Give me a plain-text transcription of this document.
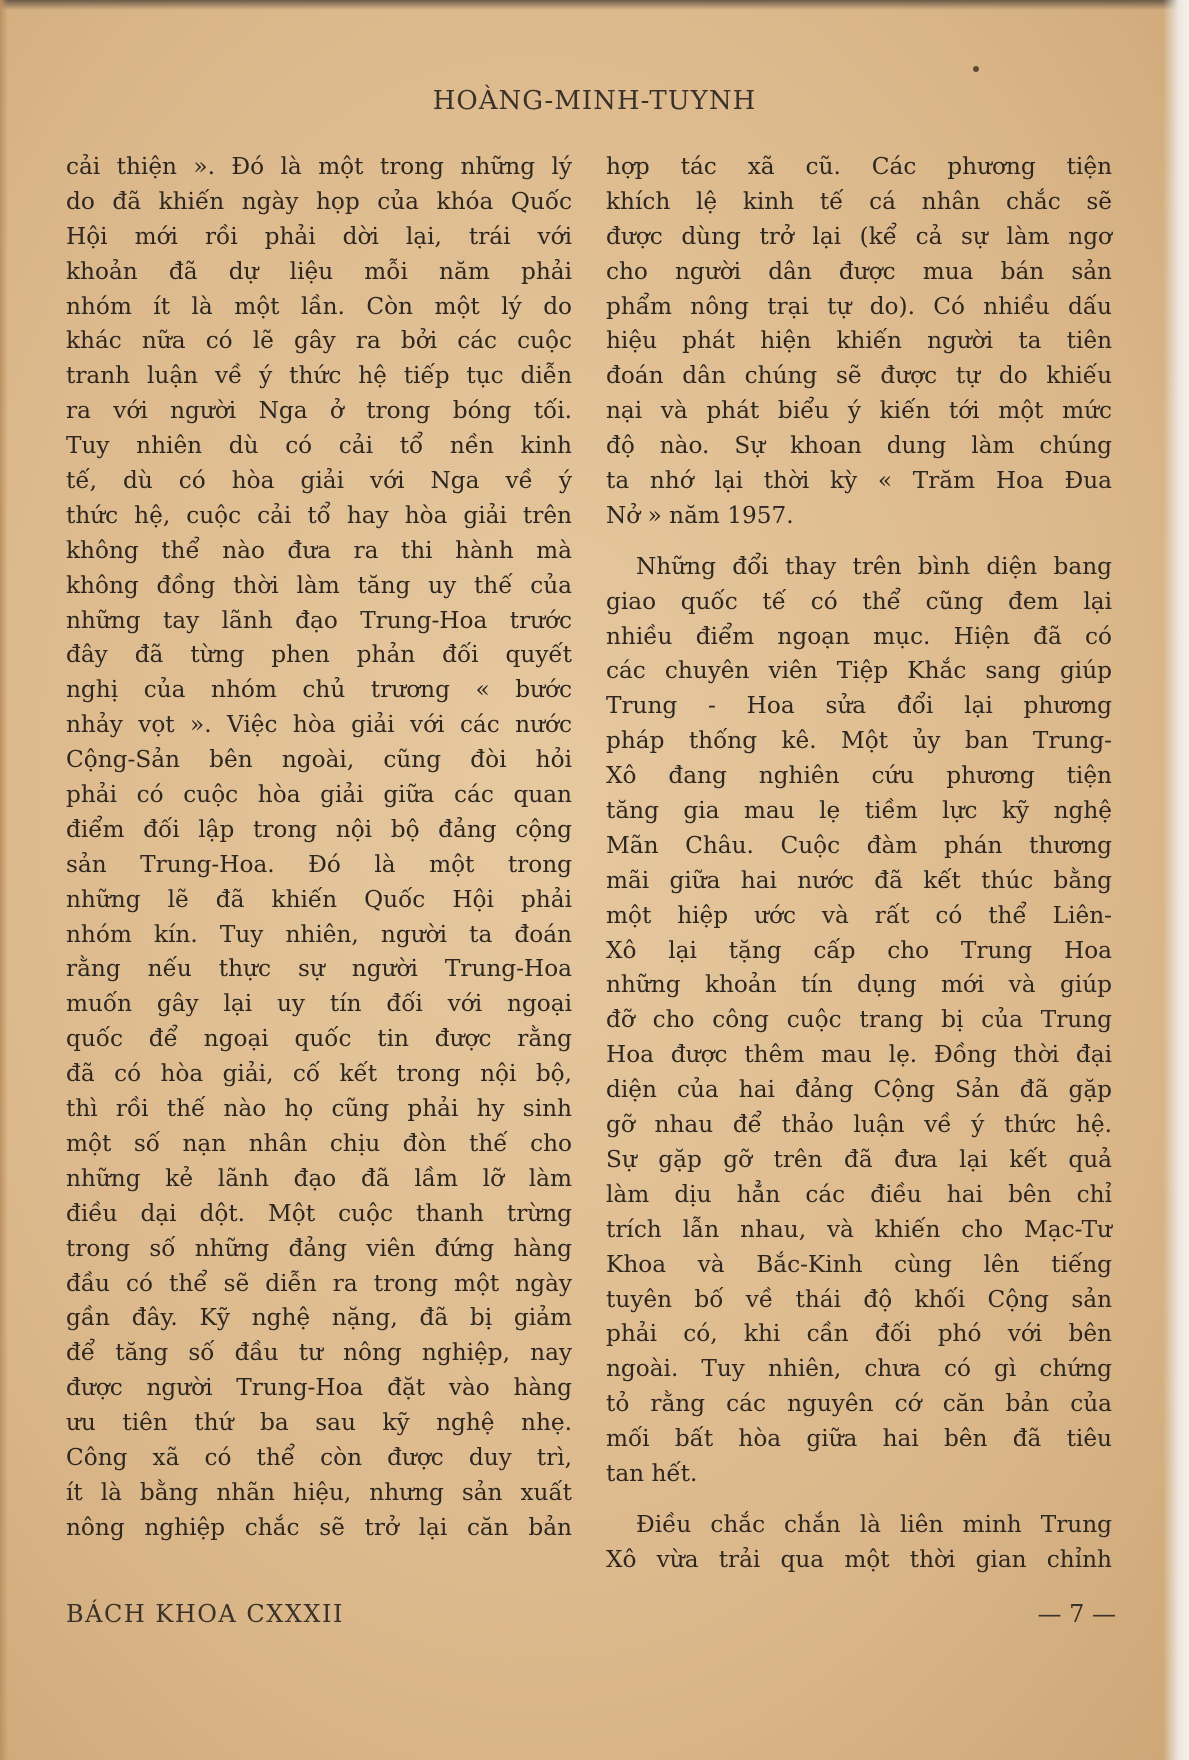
HOÀNG-MINH-TUYNH
cải thiện ». Đó là một trong những lý
do đã khiến ngày họp của khóa Quốc
Hội mới rồi phải dời lại, trái với
khoản đã dự liệu mỗi năm phải
nhóm ít là một lần. Còn một lý do
khác nữa có lẽ gây ra bởi các cuộc
tranh luận về ý thức hệ tiếp tục diễn
ra với người Nga ở trong bóng tối.
Tuy nhiên dù có cải tổ nền kinh
tế, dù có hòa giải với Nga về ý
thức hệ, cuộc cải tổ hay hòa giải trên
không thể nào đưa ra thi hành mà
không đồng thời làm tăng uy thế của
những tay lãnh đạo Trung-Hoa trước
đây đã từng phen phản đối quyết
nghị của nhóm chủ trương « bước
nhảy vọt ». Việc hòa giải với các nước
Cộng-Sản bên ngoài, cũng đòi hỏi
phải có cuộc hòa giải giữa các quan
điểm đối lập trong nội bộ đảng cộng
sản Trung-Hoa. Đó là một trong
những lẽ đã khiến Quốc Hội phải
nhóm kín. Tuy nhiên, người ta đoán
rằng nếu thực sự người Trung-Hoa
muốn gây lại uy tín đối với ngoại
quốc để ngoại quốc tin được rằng
đã có hòa giải, cố kết trong nội bộ,
thì rồi thế nào họ cũng phải hy sinh
một số nạn nhân chịu đòn thế cho
những kẻ lãnh đạo đã lầm lỡ làm
điều dại dột. Một cuộc thanh trừng
trong số những đảng viên đứng hàng
đầu có thể sẽ diễn ra trong một ngày
gần đây. Kỹ nghệ nặng, đã bị giảm
để tăng số đầu tư nông nghiệp, nay
được người Trung-Hoa đặt vào hàng
ưu tiên thứ ba sau kỹ nghệ nhẹ.
Công xã có thể còn được duy trì,
ít là bằng nhãn hiệu, nhưng sản xuất
nông nghiệp chắc sẽ trở lại căn bản
hợp tác xã cũ. Các phương tiện
khích lệ kinh tế cá nhân chắc sẽ
được dùng trở lại (kể cả sự làm ngơ
cho người dân được mua bán sản
phẩm nông trại tự do). Có nhiều dấu
hiệu phát hiện khiến người ta tiên
đoán dân chúng sẽ được tự do khiếu
nại và phát biểu ý kiến tới một mức
độ nào. Sự khoan dung làm chúng
ta nhớ lại thời kỳ « Trăm Hoa Đua
Nở » năm 1957.
Những đổi thay trên bình diện bang
giao quốc tế có thể cũng đem lại
nhiều điểm ngoạn mục. Hiện đã có
các chuyên viên Tiệp Khắc sang giúp
Trung - Hoa sửa đổi lại phương
pháp thống kê. Một ủy ban Trung-
Xô đang nghiên cứu phương tiện
tăng gia mau lẹ tiềm lực kỹ nghệ
Mãn Châu. Cuộc đàm phán thương
mãi giữa hai nước đã kết thúc bằng
một hiệp ước và rất có thể Liên-
Xô lại tặng cấp cho Trung Hoa
những khoản tín dụng mới và giúp
đỡ cho công cuộc trang bị của Trung
Hoa được thêm mau lẹ. Đồng thời đại
diện của hai đảng Cộng Sản đã gặp
gỡ nhau để thảo luận về ý thức hệ.
Sự gặp gỡ trên đã đưa lại kết quả
làm dịu hẳn các điều hai bên chỉ
trích lẫn nhau, và khiến cho Mạc-Tư
Khoa và Bắc-Kinh cùng lên tiếng
tuyên bố về thái độ khối Cộng sản
phải có, khi cần đối phó với bên
ngoài. Tuy nhiên, chưa có gì chứng
tỏ rằng các nguyên cớ căn bản của
mối bất hòa giữa hai bên đã tiêu
tan hết.
Điều chắc chắn là liên minh Trung
Xô vừa trải qua một thời gian chỉnh
BÁCH KHOA CXXXII	— 7 —
